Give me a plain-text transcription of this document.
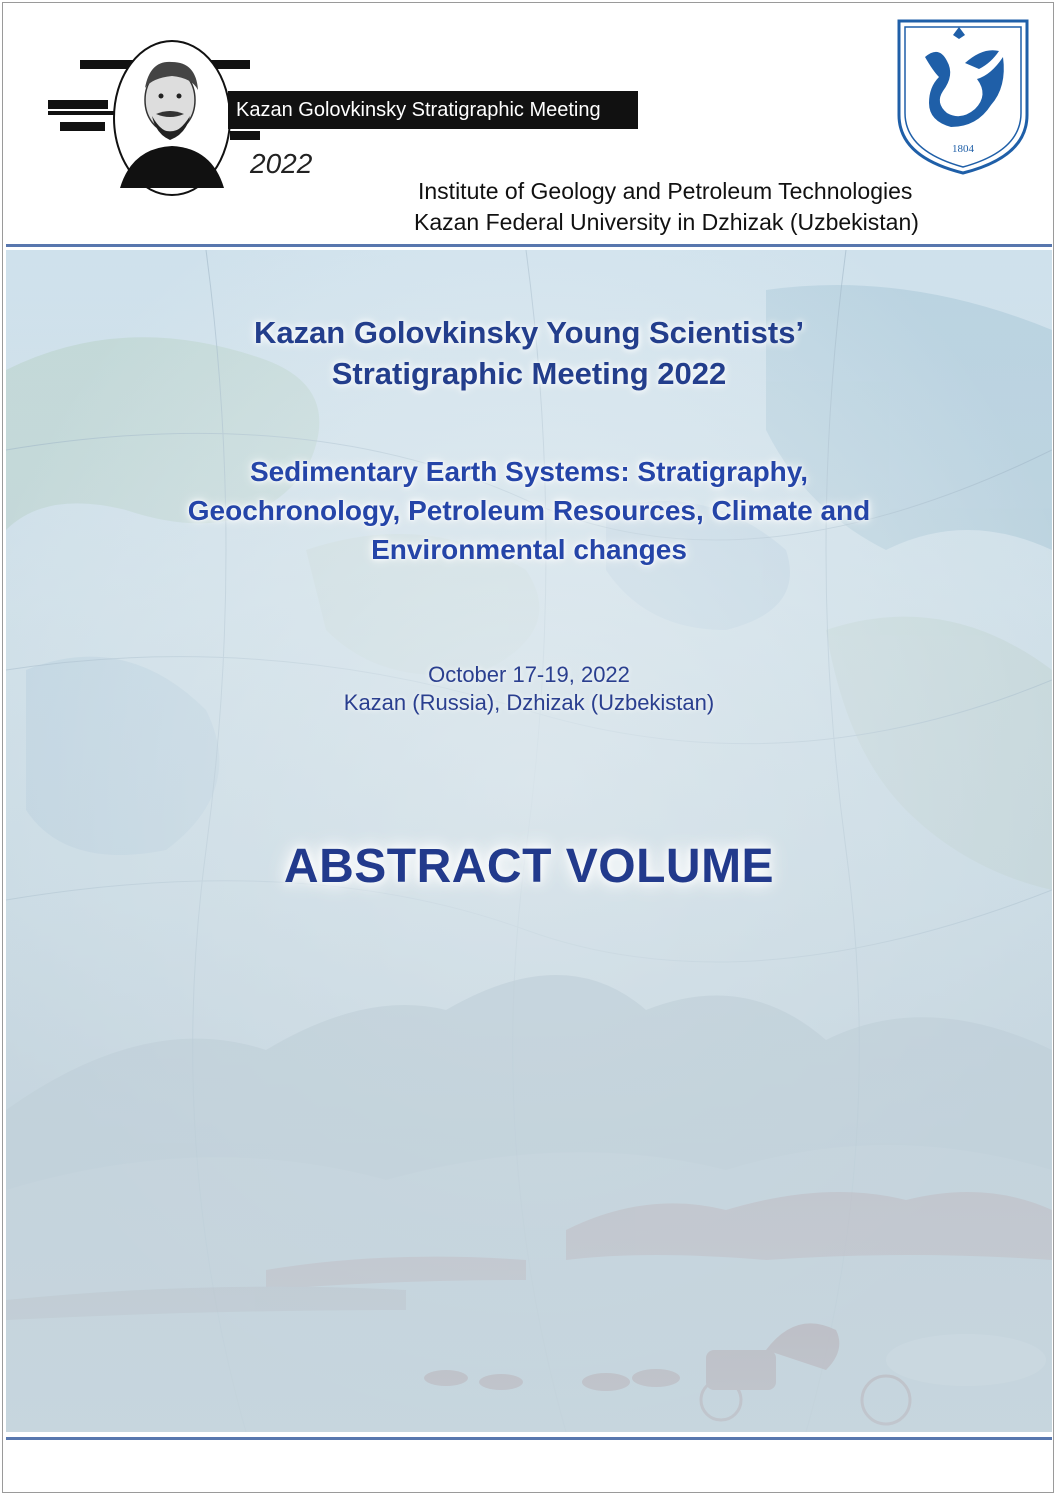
Kazan Golovkinsky Stratigraphic Meeting
2022
Institute of Geology and Petroleum Technologies
Kazan Federal University in Dzhizak (Uzbekistan)
1804
Kazan Golovkinsky Young Scientists’
Stratigraphic Meeting 2022
Sedimentary Earth Systems: Stratigraphy,
Geochronology, Petroleum Resources, Climate and
Environmental changes
October 17-19, 2022
Kazan (Russia), Dzhizak (Uzbekistan)
ABSTRACT VOLUME
